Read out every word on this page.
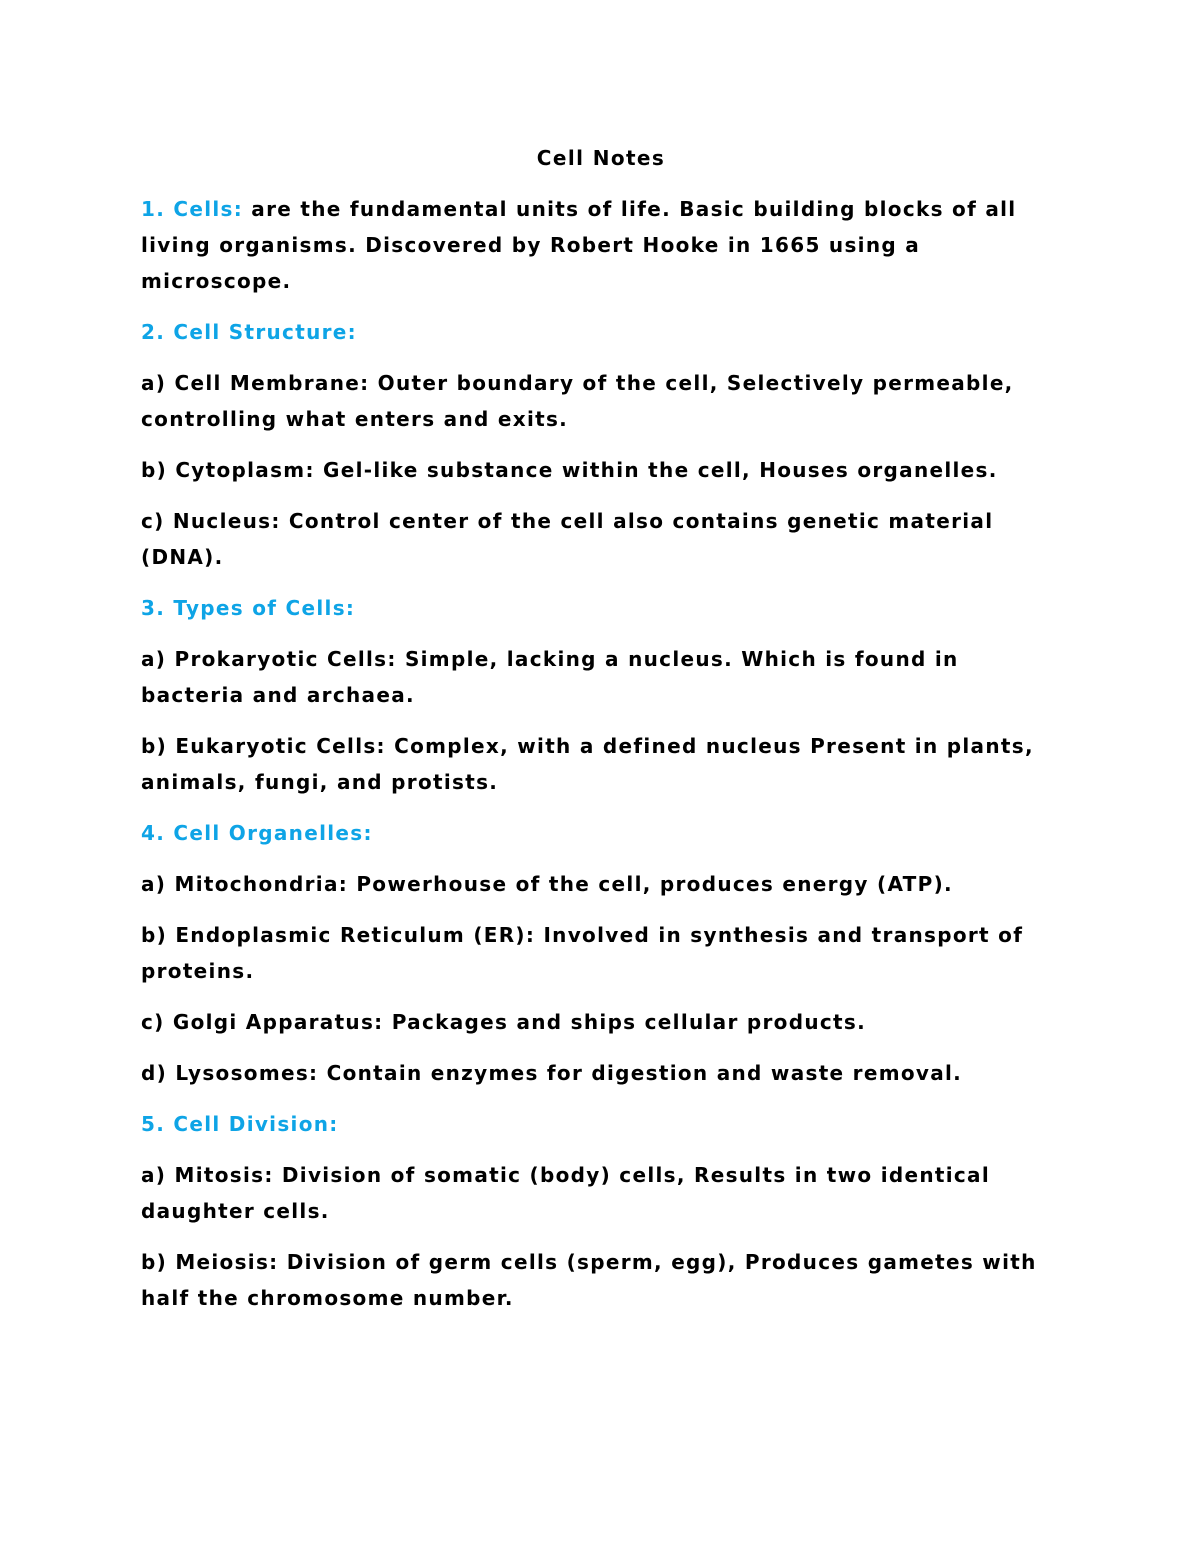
Cell Notes

1. Cells: are the fundamental units of life. Basic building blocks of all living organisms. Discovered by Robert Hooke in 1665 using a microscope.

2. Cell Structure:

a) Cell Membrane: Outer boundary of the cell, Selectively permeable, controlling what enters and exits.

b) Cytoplasm: Gel-like substance within the cell, Houses organelles.

c) Nucleus: Control center of the cell also contains genetic material (DNA).

3. Types of Cells:

a) Prokaryotic Cells: Simple, lacking a nucleus. Which is found in bacteria and archaea.

b) Eukaryotic Cells: Complex, with a defined nucleus Present in plants, animals, fungi, and protists.

4. Cell Organelles:

a) Mitochondria: Powerhouse of the cell, produces energy (ATP).

b) Endoplasmic Reticulum (ER): Involved in synthesis and transport of proteins.

c) Golgi Apparatus: Packages and ships cellular products.

d) Lysosomes: Contain enzymes for digestion and waste removal.

5. Cell Division:

a) Mitosis: Division of somatic (body) cells, Results in two identical daughter cells.

b) Meiosis: Division of germ cells (sperm, egg), Produces gametes with half the chromosome number.
